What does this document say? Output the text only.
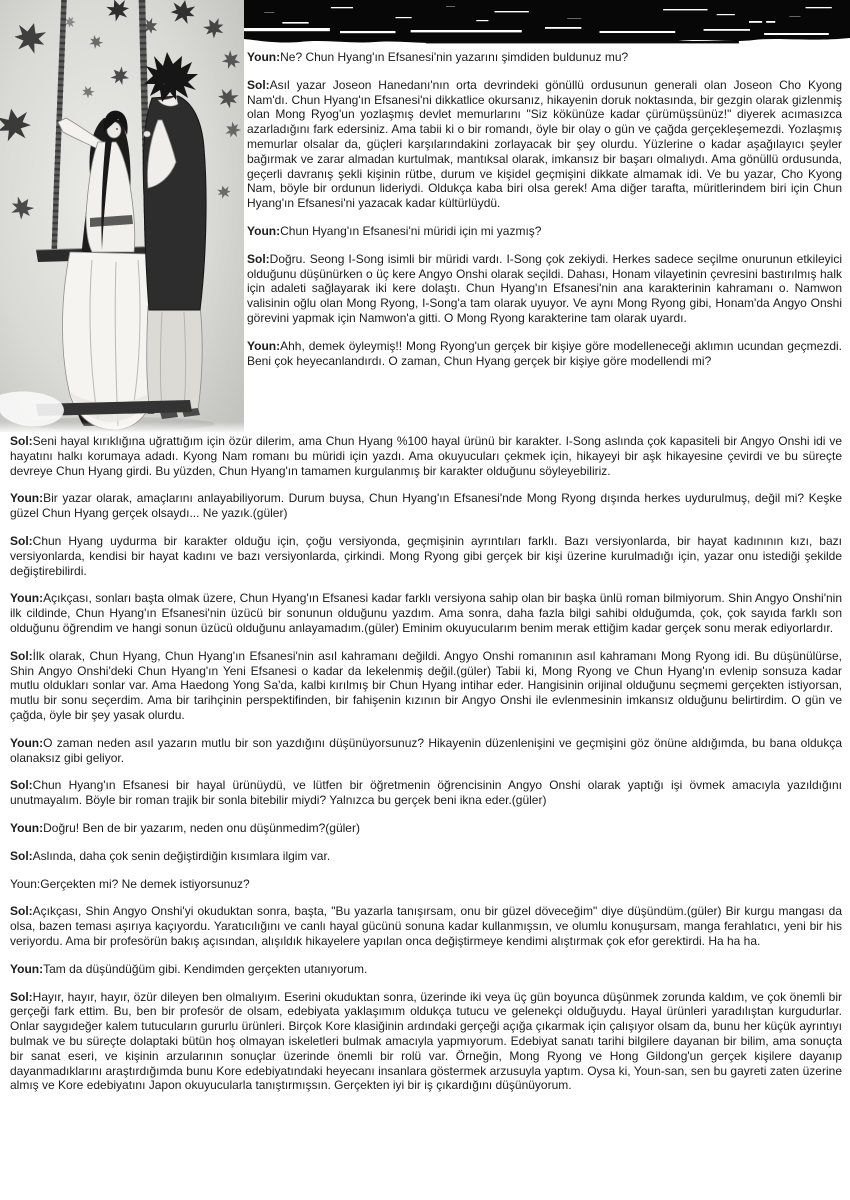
Youn:Ne? Chun Hyang'ın Efsanesi'nin yazarını şimdiden buldunuz mu?

Sol:Asıl yazar Joseon Hanedanı'nın orta devrindeki gönüllü ordusunun generali olan Joseon Cho Kyong Nam'dı. Chun Hyang'ın Efsanesi'ni dikkatlice okursanız, hikayenin doruk noktasında, bir gezgin olarak gizlenmiş olan Mong Ryog'un yozlaşmış devlet memurlarını "Siz kökünüze kadar çürümüşsünüz!" diyerek acımasızca azarladığını fark edersiniz. Ama tabii ki o bir romandı, öyle bir olay o gün ve çağda gerçekleşemezdi. Yozlaşmış memurlar olsalar da, güçleri karşılarındakini zorlayacak bir şey olurdu. Yüzlerine o kadar aşağılayıcı şeyler bağırmak ve zarar almadan kurtulmak, mantıksal olarak, imkansız bir başarı olmalıydı. Ama gönüllü ordusunda, geçerli davranış şekli kişinin rütbe, durum ve kişidel geçmişini dikkate almamak idi. Ve bu yazar, Cho Kyong Nam, böyle bir ordunun lideriydi. Oldukça kaba biri olsa gerek! Ama diğer tarafta, müritlerindem biri için Chun Hyang'ın Efsanesi'ni yazacak kadar kültürlüydü.

Youn:Chun Hyang'ın Efsanesi'ni müridi için mi yazmış?

Sol:Doğru. Seong I-Song isimli bir müridi vardı. I-Song çok zekiydi. Herkes sadece seçilme onurunun etkileyici olduğunu düşünürken o üç kere Angyo Onshi olarak seçildi. Dahası, Honam vilayetinin çevresini bastırılmış halk için adaleti sağlayarak iki kere dolaştı. Chun Hyang'ın Efsanesi'nin ana karakterinin kahramanı o. Namwon valisinin oğlu olan Mong Ryong, I-Song'a tam olarak uyuyor. Ve aynı Mong Ryong gibi, Honam'da Angyo Onshi görevini yapmak için Namwon'a gitti. O Mong Ryong karakterine tam olarak uyardı.

Youn:Ahh, demek öyleymiş!! Mong Ryong'un gerçek bir kişiye göre modelleneceği aklımın ucundan geçmezdi. Beni çok heyecanlandırdı. O zaman, Chun Hyang gerçek bir kişiye göre modellendi mi?

Sol:Seni hayal kırıklığına uğrattığım için özür dilerim, ama Chun Hyang %100 hayal ürünü bir karakter. I-Song aslında çok kapasiteli bir Angyo Onshi idi ve hayatını halkı korumaya adadı. Kyong Nam romanı bu müridi için yazdı. Ama okuyucuları çekmek için, hikayeyi bir aşk hikayesine çevirdi ve bu süreçte devreye Chun Hyang girdi. Bu yüzden, Chun Hyang'ın tamamen kurgulanmış bir karakter olduğunu söyleyebiliriz.

Youn:Bir yazar olarak, amaçlarını anlayabiliyorum. Durum buysa, Chun Hyang'ın Efsanesi'nde Mong Ryong dışında herkes uydurulmuş, değil mi? Keşke güzel Chun Hyang gerçek olsaydı... Ne yazık.(güler)

Sol:Chun Hyang uydurma bir karakter olduğu için, çoğu versiyonda, geçmişinin ayrıntıları farklı. Bazı versiyonlarda, bir hayat kadınının kızı, bazı versiyonlarda, kendisi bir hayat kadını ve bazı versiyonlarda, çirkindi. Mong Ryong gibi gerçek bir kişi üzerine kurulmadığı için, yazar onu istediği şekilde değiştirebilirdi.

Youn:Açıkçası, sonları başta olmak üzere, Chun Hyang'ın Efsanesi kadar farklı versiyona sahip olan bir başka ünlü roman bilmiyorum. Shin Angyo Onshi'nin ilk cildinde, Chun Hyang'ın Efsanesi'nin üzücü bir sonunun olduğunu yazdım. Ama sonra, daha fazla bilgi sahibi olduğumda, çok, çok sayıda farklı son olduğunu öğrendim ve hangi sonun üzücü olduğunu anlayamadım.(güler) Eminim okuyucularım benim merak ettiğim kadar gerçek sonu merak ediyorlardır.

Sol:İlk olarak, Chun Hyang, Chun Hyang'ın Efsanesi'nin asıl kahramanı değildi. Angyo Onshi romanının asıl kahramanı Mong Ryong idi. Bu düşünülürse, Shin Angyo Onshi'deki Chun Hyang'ın Yeni Efsanesi o kadar da lekelenmiş değil.(güler) Tabii ki, Mong Ryong ve Chun Hyang'ın evlenip sonsuza kadar mutlu oldukları sonlar var. Ama Haedong Yong Sa'da, kalbi kırılmış bir Chun Hyang intihar eder. Hangisinin orijinal olduğunu seçmemi gerçekten istiyorsan, mutlu bir sonu seçerdim. Ama bir tarihçinin perspektifinden, bir fahişenin kızının bir Angyo Onshi ile evlenmesinin imkansız olduğunu belirtirdim. O gün ve çağda, öyle bir şey yasak olurdu.

Youn:O zaman neden asıl yazarın mutlu bir son yazdığını düşünüyorsunuz? Hikayenin düzenlenişini ve geçmişini göz önüne aldığımda, bu bana oldukça olanaksız gibi geliyor.

Sol:Chun Hyang'ın Efsanesi bir hayal ürünüydü, ve lütfen bir öğretmenin öğrencisinin Angyo Onshi olarak yaptığı işi övmek amacıyla yazıldığını unutmayalım. Böyle bir roman trajik bir sonla bitebilir miydi? Yalnızca bu gerçek beni ikna eder.(güler)

Youn:Doğru! Ben de bir yazarım, neden onu düşünmedim?(güler)

Sol:Aslında, daha çok senin değiştirdiğin kısımlara ilgim var.

Youn:Gerçekten mi? Ne demek istiyorsunuz?

Sol:Açıkçası, Shin Angyo Onshi'yi okuduktan sonra, başta, "Bu yazarla tanışırsam, onu bir güzel döveceğim" diye düşündüm.(güler) Bir kurgu mangası da olsa, bazen teması aşırıya kaçıyordu. Yaratıcılığını ve canlı hayal gücünü sonuna kadar kullanmışsın, ve olumlu konuşursam, manga ferahlatıcı, yeni bir his veriyordu. Ama bir profesörün bakış açısından, alışıldık hikayelere yapılan onca değiştirmeye kendimi alıştırmak çok efor gerektirdi. Ha ha ha.

Youn:Tam da düşündüğüm gibi. Kendimden gerçekten utanıyorum.

Sol:Hayır, hayır, hayır, özür dileyen ben olmalıyım. Eserini okuduktan sonra, üzerinde iki veya üç gün boyunca düşünmek zorunda kaldım, ve çok önemli bir gerçeği fark ettim. Bu, ben bir profesör de olsam, edebiyata yaklaşımım oldukça tutucu ve gelenekçi olduğuydu. Hayal ürünleri yaradılıştan kurgudurlar. Onlar saygıdeğer kalem tutucuların gururlu ürünleri. Birçok Kore klasiğinin ardındaki gerçeği açığa çıkarmak için çalışıyor olsam da, bunu her küçük ayrıntıyı bulmak ve bu süreçte dolaptaki bütün hoş olmayan iskeletleri bulmak amacıyla yapmıyorum. Edebiyat sanatı tarihi bilgilere dayanan bir bilim, ama sonuçta bir sanat eseri, ve kişinin arzularının sonuçlar üzerinde önemli bir rolü var. Örneğin, Mong Ryong ve Hong Gildong'un gerçek kişilere dayanıp dayanmadıklarını araştırdığımda bunu Kore edebiyatındaki heyecanı insanlara göstermek arzusuyla yaptım. Oysa ki, Youn-san, sen bu gayreti zaten üzerine almış ve Kore edebiyatını Japon okuyucularla tanıştırmışsın. Gerçekten iyi bir iş çıkardığını düşünüyorum.
